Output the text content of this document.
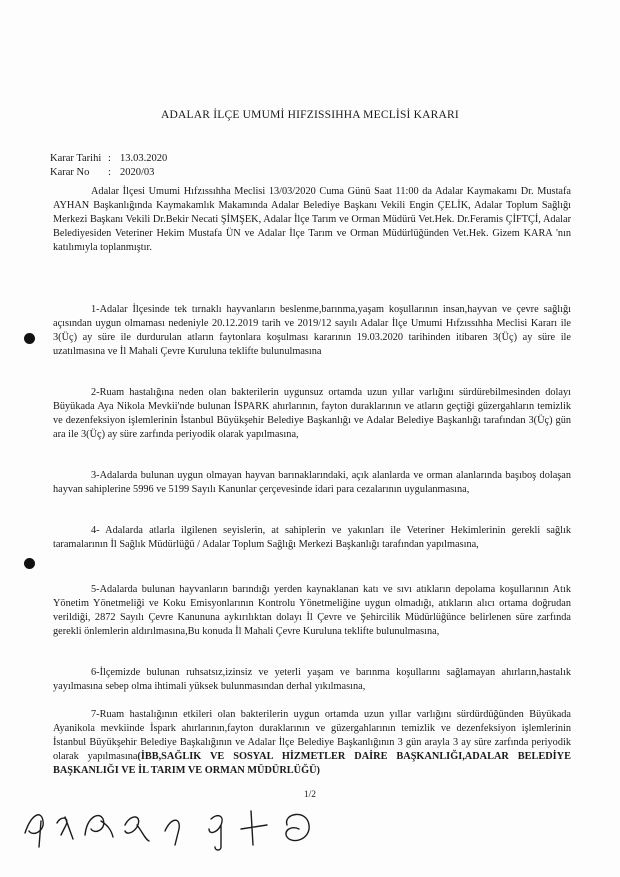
ADALAR İLÇE UMUMİ HIFZISSIHHA MECLİSİ KARARI
Karar Tarihi : 13.03.2020
Karar No : 2020/03
Adalar İlçesi Umumi Hıfzıssıhha Meclisi 13/03/2020 Cuma Günü Saat 11:00 da Adalar Kaymakamı Dr. Mustafa AYHAN Başkanlığında Kaymakamlık Makamında Adalar Belediye Başkanı Vekili Engin ÇELİK, Adalar Toplum Sağlığı Merkezi Başkanı Vekili Dr.Bekir Necati ŞİMŞEK, Adalar İlçe Tarım ve Orman Müdürü Vet.Hek. Dr.Feramis ÇİFTÇİ, Adalar Belediyesiden Veteriner Hekim Mustafa ÜN ve Adalar İlçe Tarım ve Orman Müdürlüğünden Vet.Hek. Gizem KARA 'nın katılımıyla toplanmıştır.
1-Adalar İlçesinde tek tırnaklı hayvanların beslenme,barınma,yaşam koşullarının insan,hayvan ve çevre sağlığı açısından uygun olmaması nedeniyle 20.12.2019 tarih ve 2019/12 sayılı Adalar İlçe Umumi Hıfzıssıhha Meclisi Kararı ile 3(Üç) ay süre ile durdurulan atların faytonlara koşulması kararının 19.03.2020 tarihinden itibaren 3(Üç) ay süre ile uzatılmasına ve İl Mahali Çevre Kuruluna teklifte bulunulmasına
2-Ruam hastalığına neden olan bakterilerin uygunsuz ortamda uzun yıllar varlığını sürdürebilmesinden dolayı Büyükada Aya Nikola Mevkii'nde bulunan İSPARK ahırlarının, fayton duraklarının ve atların geçtiği güzergahların temizlik ve dezenfeksiyon işlemlerinin İstanbul Büyükşehir Belediye Başkanlığı ve Adalar Belediye Başkanlığı tarafından 3(Üç) gün ara ile 3(Üç) ay süre zarfında periyodik olarak yapılmasına,
3-Adalarda bulunan uygun olmayan hayvan barınaklarındaki, açık alanlarda ve orman alanlarında başıboş dolaşan hayvan sahiplerine 5996 ve 5199 Sayılı Kanunlar çerçevesinde idari para cezalarının uygulanmasına,
4- Adalarda atlarla ilgilenen seyislerin, at sahiplerin ve yakınları ile Veteriner Hekimlerinin gerekli sağlık taramalarının İl Sağlık Müdürlüğü / Adalar Toplum Sağlığı Merkezi Başkanlığı tarafından yapılmasına,
5-Adalarda bulunan hayvanların barındığı yerden kaynaklanan katı ve sıvı atıkların depolama koşullarının Atık Yönetim Yönetmeliği ve Koku Emisyonlarının Kontrolu Yönetmeliğine uygun olmadığı, atıkların alıcı ortama doğrudan verildiği, 2872 Sayılı Çevre Kanununa aykırılıktan dolayı İl Çevre ve Şehircilik Müdürlüğünce belirlenen süre zarfında gerekli önlemlerin aldırılmasına,Bu konuda İl Mahali Çevre Kuruluna teklifte bulunulmasına,
6-İlçemizde bulunan ruhsatsız,izinsiz ve yeterli yaşam ve barınma koşullarını sağlamayan ahırların,hastalık yayılmasına sebep olma ihtimali yüksek bulunmasından derhal yıkılmasına,
7-Ruam hastalığının etkileri olan bakterilerin uygun ortamda uzun yıllar varlığını sürdürdüğünden Büyükada Ayanikola mevkiinde İspark ahırlarının,fayton duraklarının ve güzergahlarının temizlik ve dezenfeksiyon işlemlerinin İstanbul Büyükşehir Belediye Başkalığının ve Adalar İlçe Belediye Başkanlığının 3 gün arayla 3 ay süre zarfında periyodik olarak yapılmasına(İBB,SAĞLIK VE SOSYAL HİZMETLER DAİRE BAŞKANLIĞI,ADALAR BELEDİYE BAŞKANLIĞI VE İL TARIM VE ORMAN MÜDÜRLÜĞÜ)
1/2
